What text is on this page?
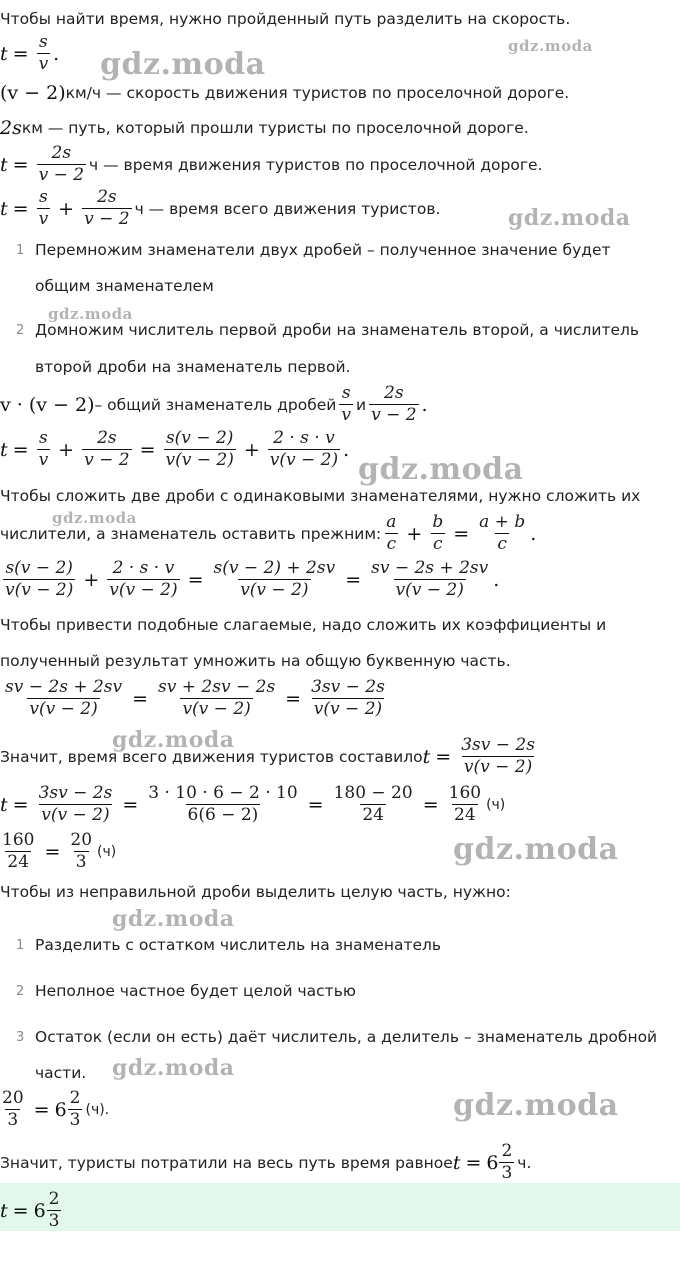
Чтобы найти время, нужно пройденный путь разделить на скорость.
$t = \frac{s}{v}$ .
(v − 2) км/ч — скорость движения туристов по проселочной дороге.
2s км — путь, который прошли туристы по проселочной дороге.
$t = \frac{2s}{v - 2}$ ч — время движения туристов по проселочной дороге.
$t = \frac{s}{v} + \frac{2s}{v - 2}$ ч — время всего движения туристов.
1 Перемножим знаменатели двух дробей – полученное значение будет
общим знаменателем
2 Домножим числитель первой дроби на знаменатель второй, а числитель
второй дроби на знаменатель первой.
v · (v − 2) – общий знаменатель дробей $\frac{s}{v}$ и $\frac{2s}{v - 2}$ .
$t = \frac{s}{v} + \frac{2s}{v - 2} = \frac{s(v - 2)}{v(v - 2)} + \frac{2 \cdot s \cdot v}{v(v - 2)}$ .
Чтобы сложить две дроби с одинаковыми знаменателями, нужно сложить их
числители, а знаменатель оставить прежним: $\frac{a}{c} + \frac{b}{c} = \frac{a + b}{c}$ .
$\frac{s(v - 2)}{v(v - 2)} + \frac{2 \cdot s \cdot v}{v(v - 2)} = \frac{s(v - 2) + 2sv}{v(v - 2)} = \frac{sv - 2s + 2sv}{v(v - 2)}$ .
Чтобы привести подобные слагаемые, надо сложить их коэффициенты и
полученный результат умножить на общую буквенную часть.
$\frac{sv - 2s + 2sv}{v(v - 2)} = \frac{sv + 2sv - 2s}{v(v - 2)} = \frac{3sv - 2s}{v(v - 2)}$
Значит, время всего движения туристов составило $t = \frac{3sv - 2s}{v(v - 2)}$
$t = \frac{3sv - 2s}{v(v - 2)} = \frac{3 \cdot 10 \cdot 6 - 2 \cdot 10}{6(6 - 2)} = \frac{180 - 20}{24} = \frac{160}{24} (ч)$
$\frac{160}{24} = \frac{20}{3} (ч)$
Чтобы из неправильной дроби выделить целую часть, нужно:
1 Разделить с остатком числитель на знаменатель
2 Неполное частное будет целой частью
3 Остаток (если он есть) даёт числитель, а делитель – знаменатель дробной
части.
$\frac{20}{3} = 6 \frac{2}{3} (ч)$.
Значит, туристы потратили на весь путь время равное $t = 6 \frac{2}{3} ч$.
$t = 6 \frac{2}{3}$
gdz.moda
gdz.moda
gdz.moda
gdz.moda
gdz.moda
gdz.moda
gdz.moda
gdz.moda
gdz.moda
gdz.moda
gdz.moda
